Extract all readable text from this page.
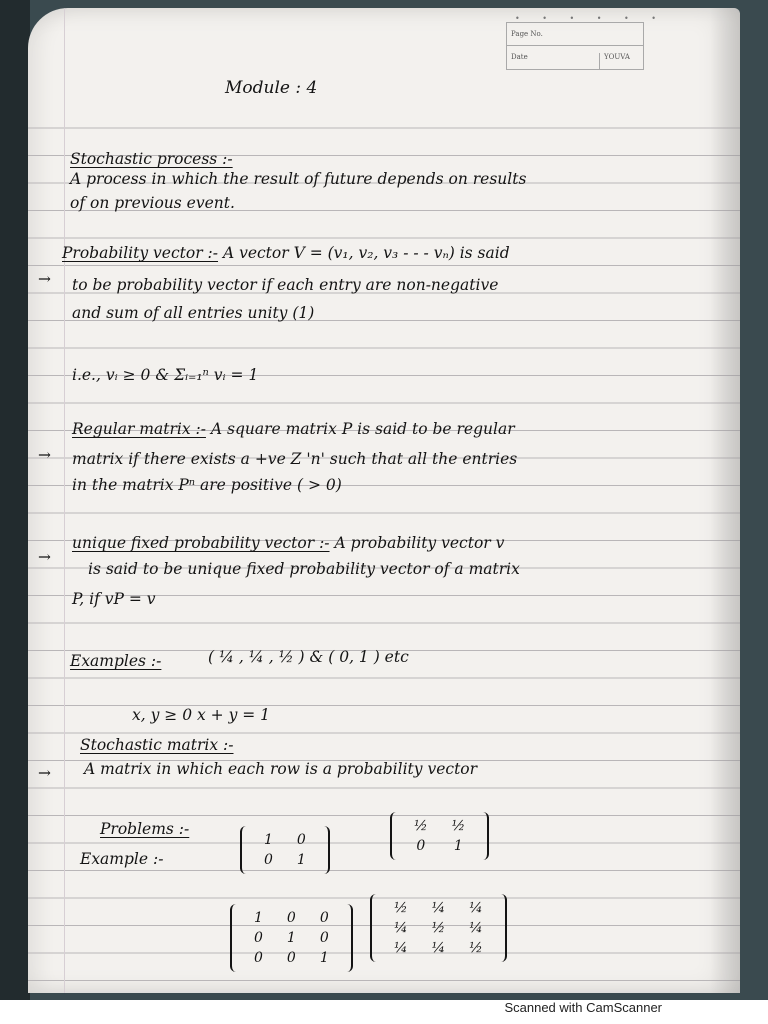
• • • • • •
Page No.
Date	YOUVA
Module : 4
Stochastic process :-
A process in which the result of future depends on results
of on previous event.
→
Probability vector :- A vector V = (v₁, v₂, v₃ - - - vₙ) is said
to be probability vector if each entry are non-negative
and sum of all entries unity (1)
i.e., vᵢ ≥ 0 & Σᵢ₌₁ⁿ vᵢ = 1
→
Regular matrix :- A square matrix P is said to be regular
matrix if there exists a +ve Z 'n' such that all the entries
in the matrix Pⁿ are positive ( > 0)
→
unique fixed probability vector :- A probability vector v
is said to be unique fixed probability vector of a matrix
P, if vP = v
Examples :-	( ¼ , ¼ , ½ ) & ( 0, 1 ) etc
x, y ≥ 0 x + y = 1
Stochastic matrix :-
→ A matrix in which each row is a probability vector
Problems :-
Example :-
1	0
0	1
½	½
0	1
1	0	0
0	1	0
0	0	1
½	¼	¼
¼	½	¼
¼	¼	½
Scanned with CamScanner
